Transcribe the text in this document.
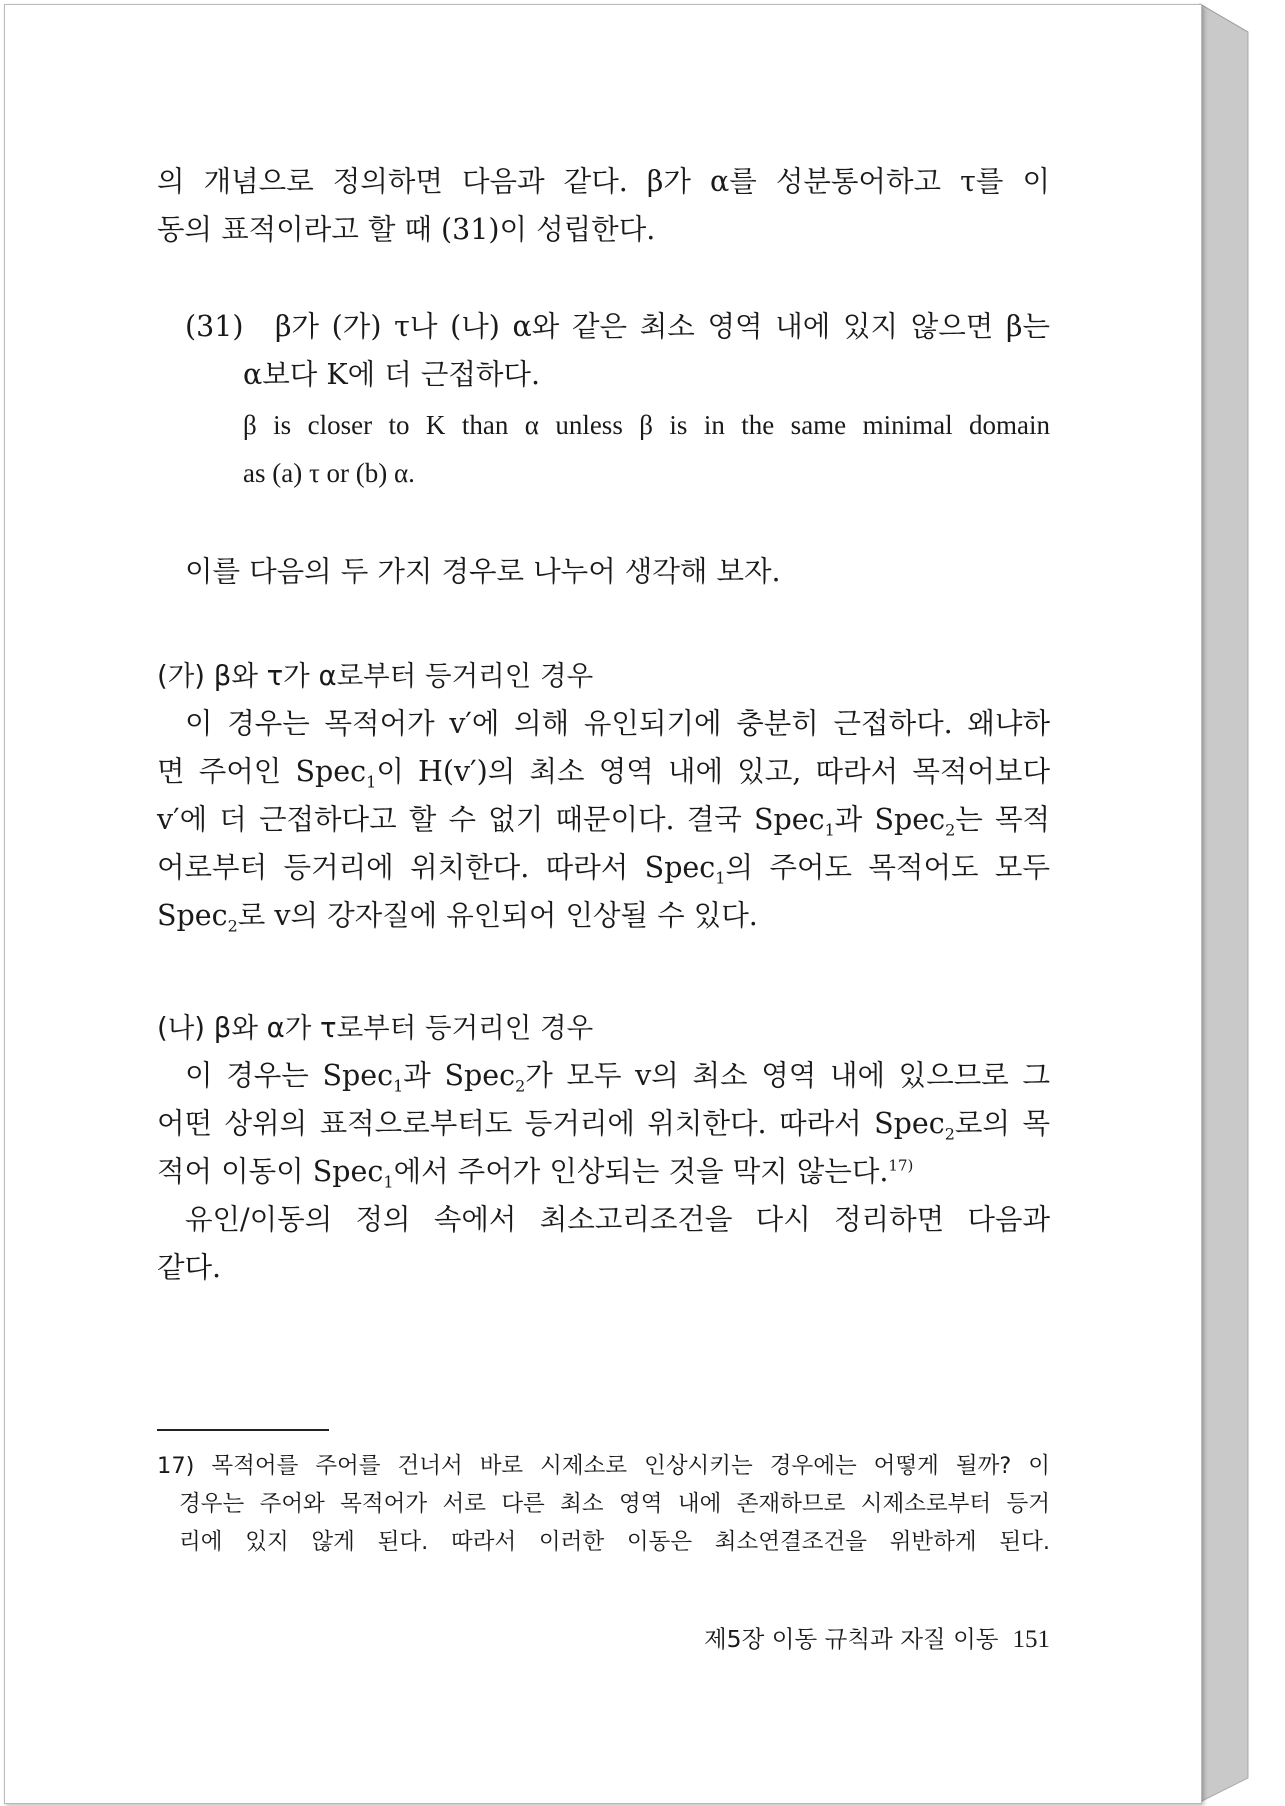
의 개념으로 정의하면 다음과 같다. β가 α를 성분통어하고 τ를 이
동의 표적이라고 할 때 (31)이 성립한다.
(31) β가 (가) τ나 (나) α와 같은 최소 영역 내에 있지 않으면 β는
α보다 K에 더 근접하다.
β is closer to K than α unless β is in the same minimal domain
as (a) τ or (b) α.
이를 다음의 두 가지 경우로 나누어 생각해 보자.
(가) β와 τ가 α로부터 등거리인 경우
이 경우는 목적어가 v′에 의해 유인되기에 충분히 근접하다. 왜냐하
면 주어인 Spec$_1$이 H(v′)의 최소 영역 내에 있고, 따라서 목적어보다
v′에 더 근접하다고 할 수 없기 때문이다. 결국 Spec$_1$과 Spec$_2$는 목적
어로부터 등거리에 위치한다. 따라서 Spec$_1$의 주어도 목적어도 모두
Spec$_2$로 v의 강자질에 유인되어 인상될 수 있다.
(나) β와 α가 τ로부터 등거리인 경우
이 경우는 Spec$_1$과 Spec$_2$가 모두 v의 최소 영역 내에 있으므로 그
어떤 상위의 표적으로부터도 등거리에 위치한다. 따라서 Spec$_2$로의 목
적어 이동이 Spec$_1$에서 주어가 인상되는 것을 막지 않는다.$^{17)}$
유인/이동의 정의 속에서 최소고리조건을 다시 정리하면 다음과
같다.
17) 목적어를 주어를 건너서 바로 시제소로 인상시키는 경우에는 어떻게 될까? 이
경우는 주어와 목적어가 서로 다른 최소 영역 내에 존재하므로 시제소로부터 등거
리에 있지 않게 된다. 따라서 이러한 이동은 최소연결조건을 위반하게 된다.
제5장 이동 규칙과 자질 이동 151
